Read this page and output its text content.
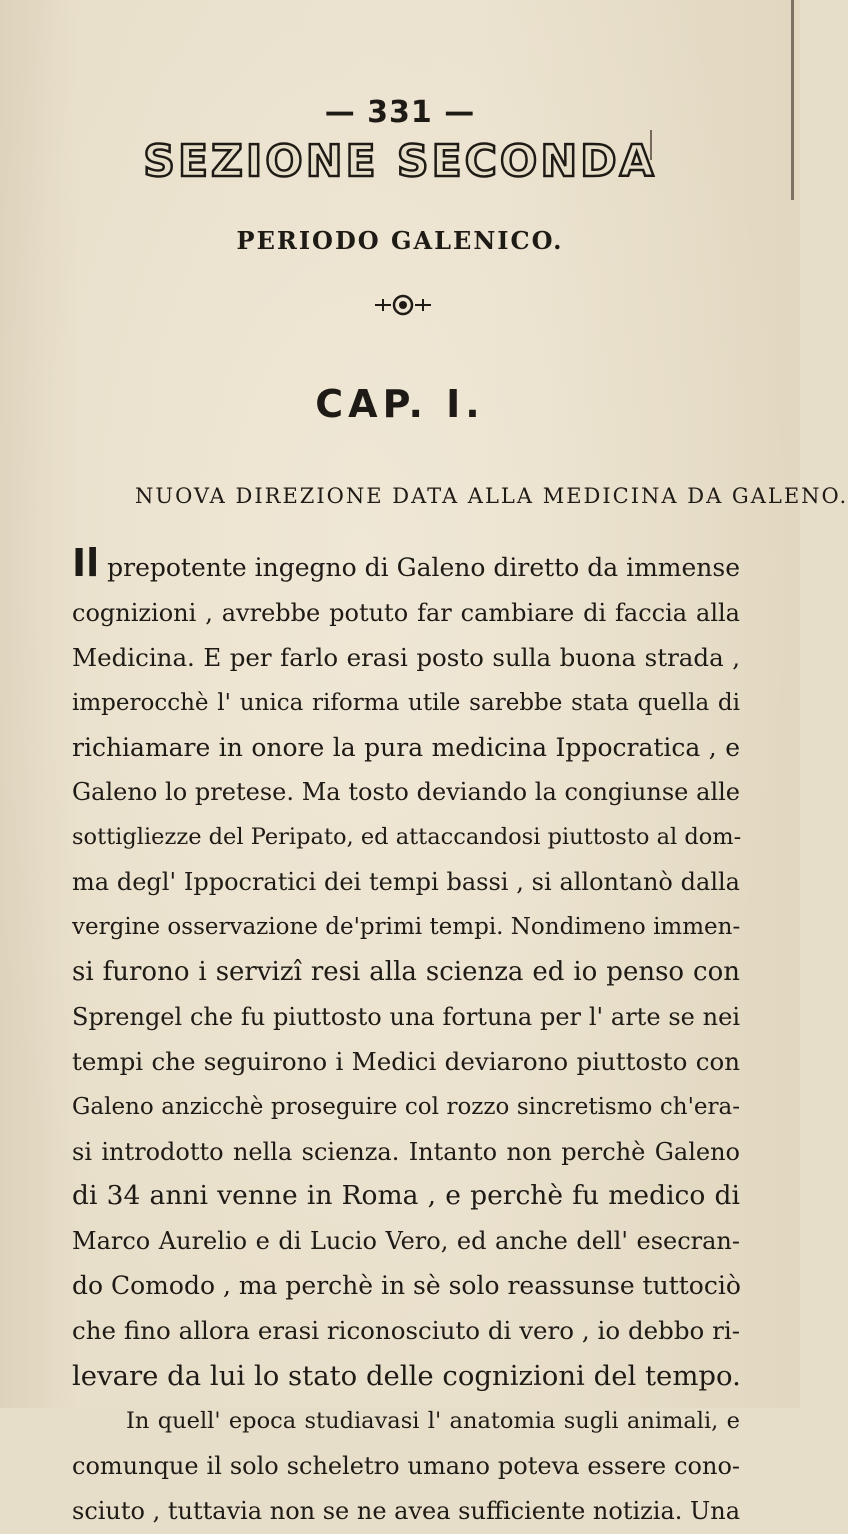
— 331 —
SEZIONE SECONDA
PERIODO GALENICO.
CAP. I.
NUOVA DIREZIONE DATA ALLA MEDICINA DA GALENO.
Il prepotente ingegno di Galeno diretto da immense
cognizioni , avrebbe potuto far cambiare di faccia alla
Medicina. E per farlo erasi posto sulla buona strada ,
imperocchè l' unica riforma utile sarebbe stata quella di
richiamare in onore la pura medicina Ippocratica , e
Galeno lo pretese. Ma tosto deviando la congiunse alle
sottigliezze del Peripato, ed attaccandosi piuttosto al dom-
ma degl' Ippocratici dei tempi bassi , si allontanò dalla
vergine osservazione de'primi tempi. Nondimeno immen-
si furono i servizî resi alla scienza ed io penso con
Sprengel che fu piuttosto una fortuna per l' arte se nei
tempi che seguirono i Medici deviarono piuttosto con
Galeno anzicchè proseguire col rozzo sincretismo ch'era-
si introdotto nella scienza. Intanto non perchè Galeno
di 34 anni venne in Roma , e perchè fu medico di
Marco Aurelio e di Lucio Vero, ed anche dell' esecran-
do Comodo , ma perchè in sè solo reassunse tuttociò
che fino allora erasi riconosciuto di vero , io debbo ri-
levare da lui lo stato delle cognizioni del tempo.
In quell' epoca studiavasi l' anatomia sugli animali, e
comunque il solo scheletro umano poteva essere cono-
sciuto , tuttavia non se ne avea sufficiente notizia. Una
